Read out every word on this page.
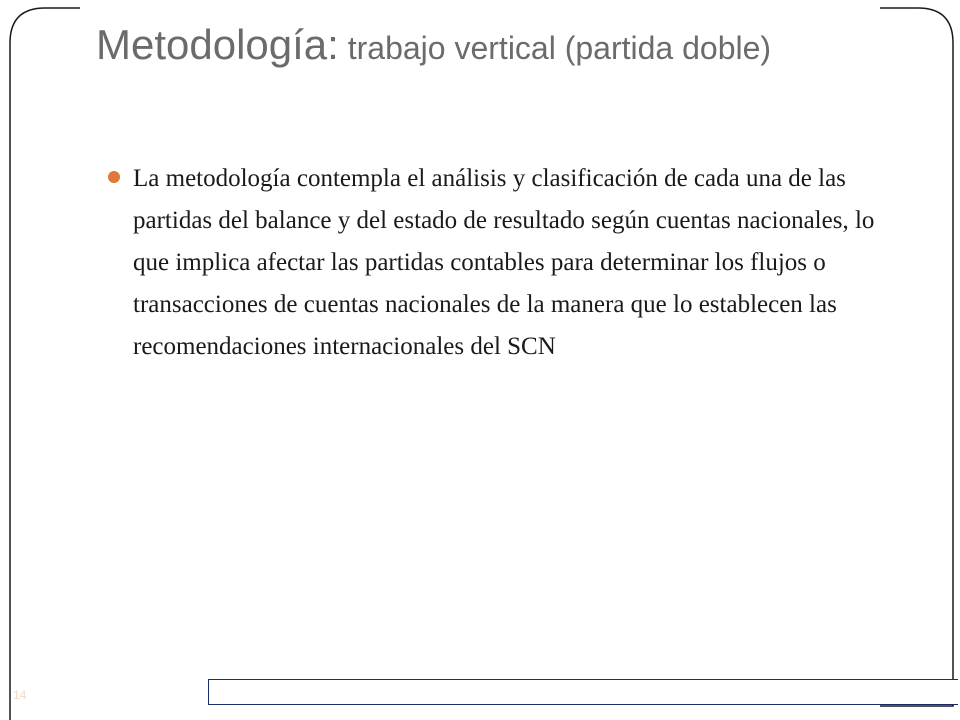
Metodología: trabajo vertical (partida doble)
La metodología contempla el análisis y clasificación de cada una de las partidas del balance y del estado de resultado según cuentas nacionales, lo que implica afectar las partidas contables para determinar los flujos o transacciones de cuentas nacionales de la manera que lo establecen las recomendaciones internacionales del SCN
14
